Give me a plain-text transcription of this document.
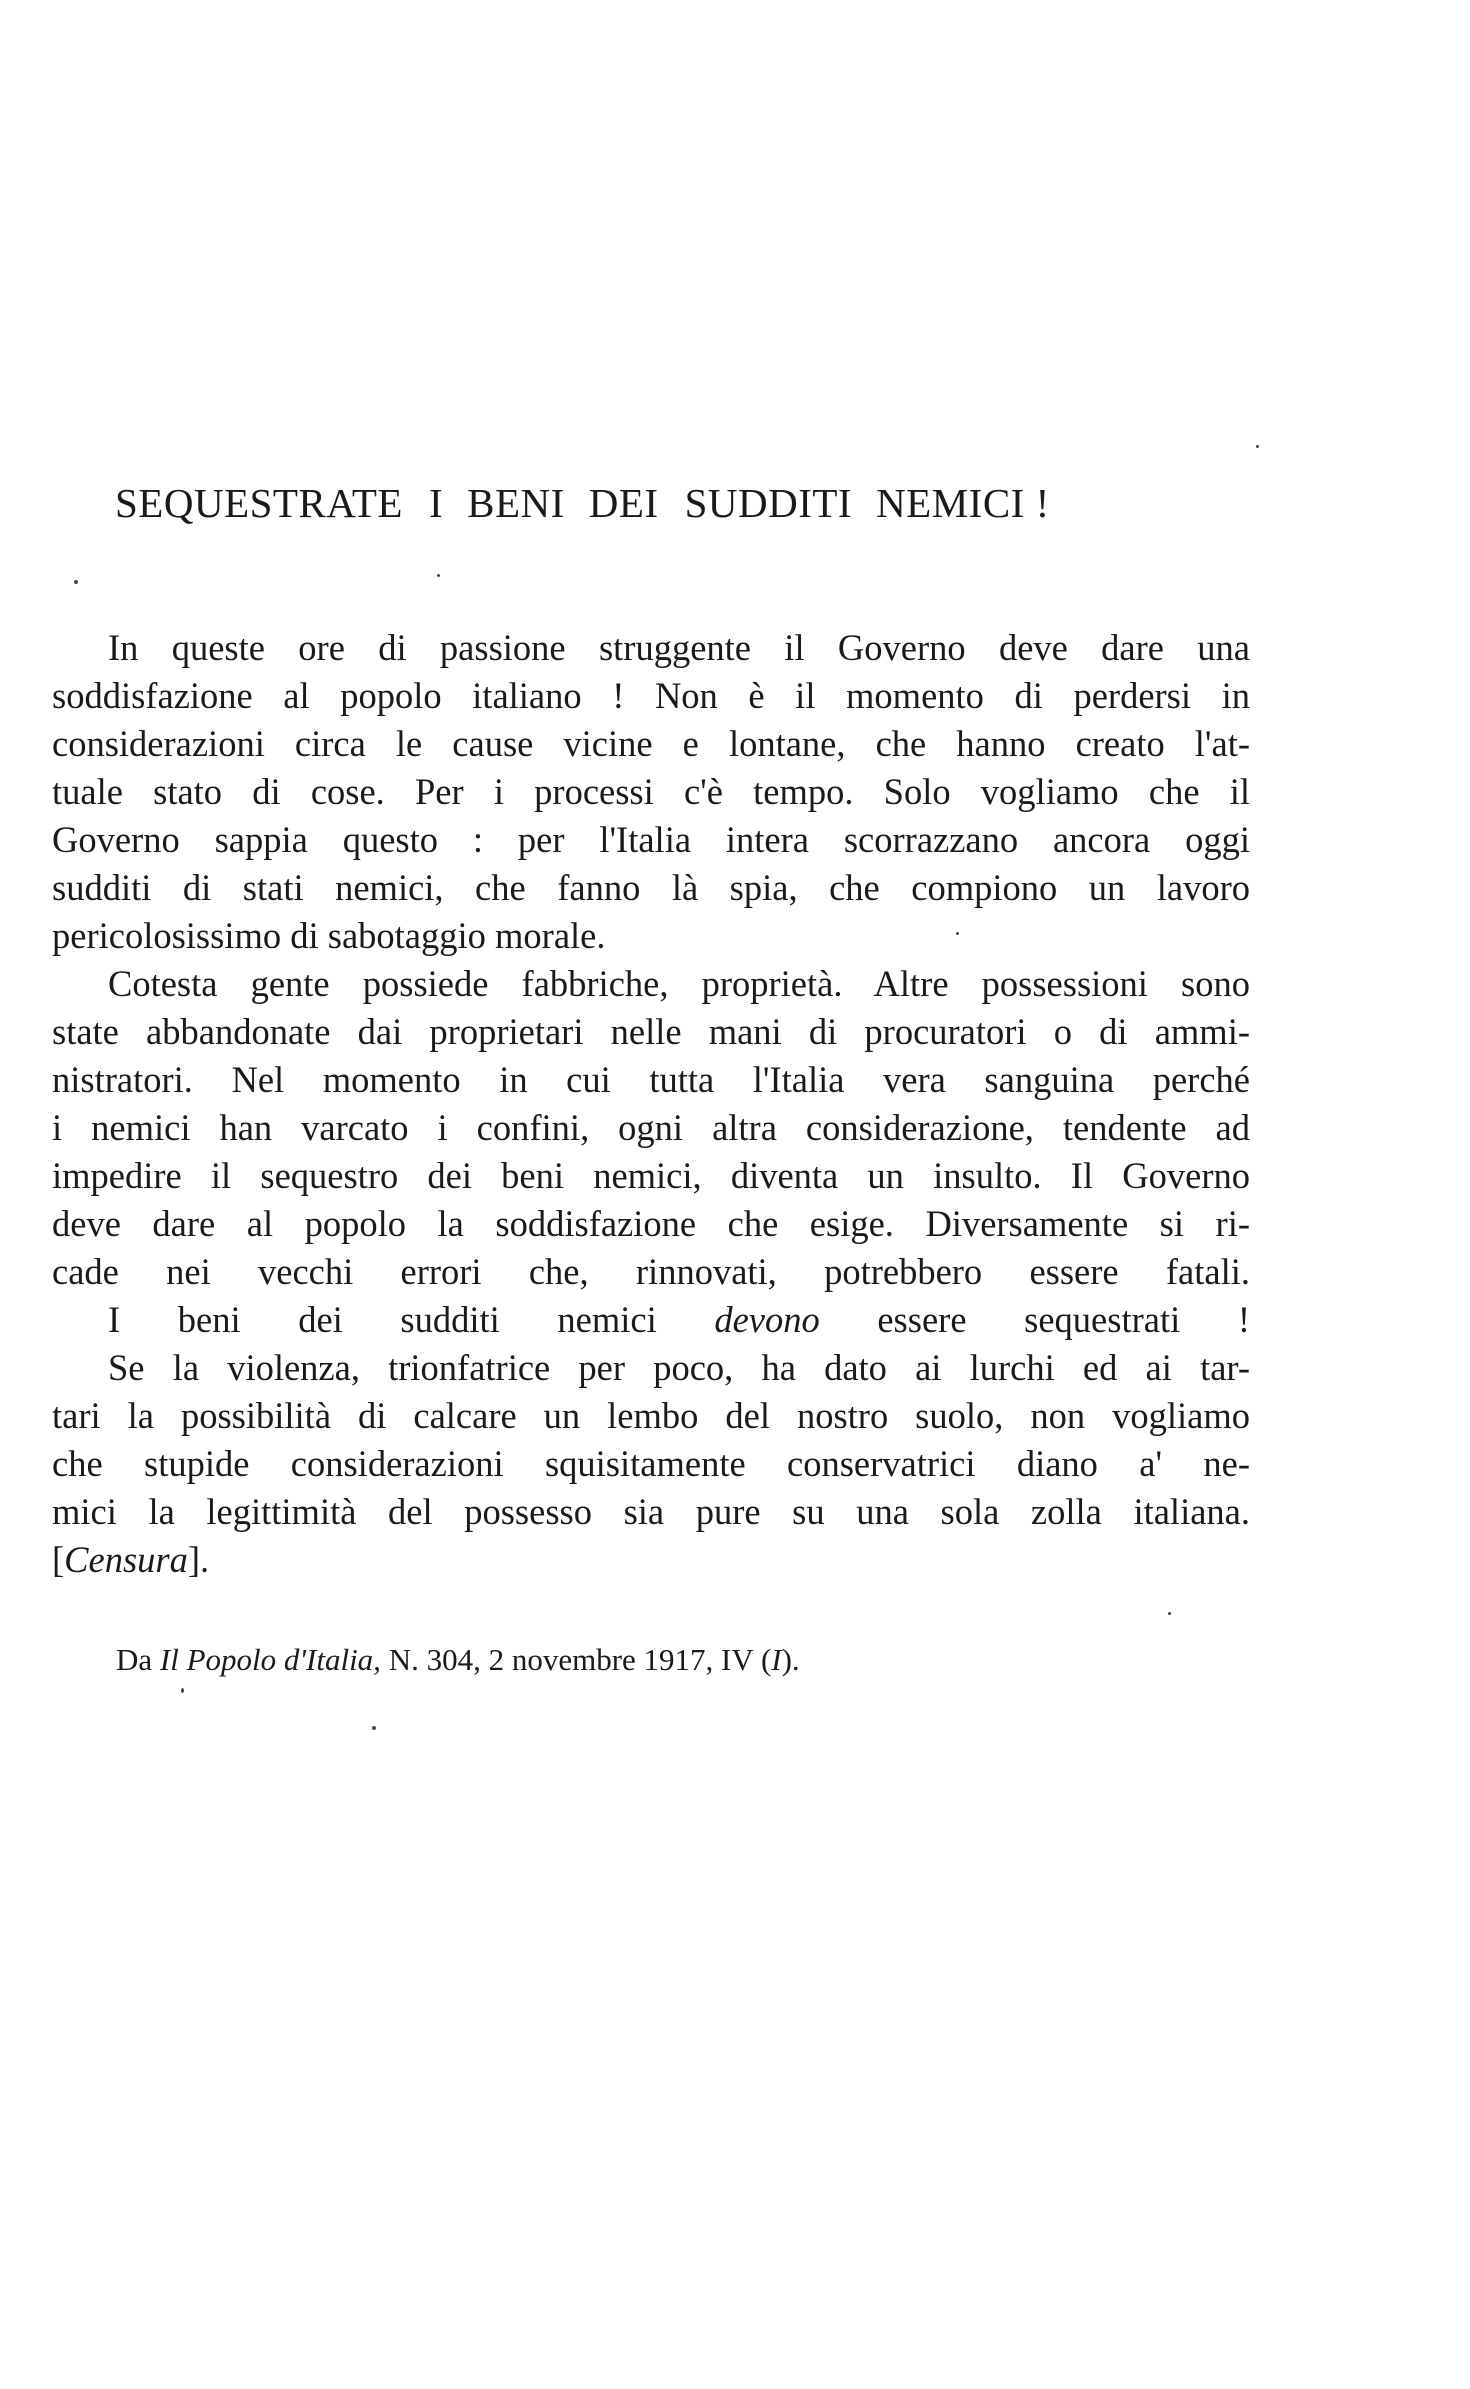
SEQUESTRATE I BENI DEI SUDDITI NEMICI !
In queste ore di passione struggente il Governo deve dare una
soddisfazione al popolo italiano ! Non è il momento di perdersi in
considerazioni circa le cause vicine e lontane, che hanno creato l'at-
tuale stato di cose. Per i processi c'è tempo. Solo vogliamo che il
Governo sappia questo : per l'Italia intera scorrazzano ancora oggi
sudditi di stati nemici, che fanno là spia, che compiono un lavoro
pericolosissimo di sabotaggio morale.
Cotesta gente possiede fabbriche, proprietà. Altre possessioni sono
state abbandonate dai proprietari nelle mani di procuratori o di ammi-
nistratori. Nel momento in cui tutta l'Italia vera sanguina perché
i nemici han varcato i confini, ogni altra considerazione, tendente ad
impedire il sequestro dei beni nemici, diventa un insulto. Il Governo
deve dare al popolo la soddisfazione che esige. Diversamente si ri-
cade nei vecchi errori che, rinnovati, potrebbero essere fatali.
I beni dei sudditi nemici devono essere sequestrati !
Se la violenza, trionfatrice per poco, ha dato ai lurchi ed ai tar-
tari la possibilità di calcare un lembo del nostro suolo, non vogliamo
che stupide considerazioni squisitamente conservatrici diano a' ne-
mici la legittimità del possesso sia pure su una sola zolla italiana.
[Censura].
Da Il Popolo d'Italia, N. 304, 2 novembre 1917, IV (I).
